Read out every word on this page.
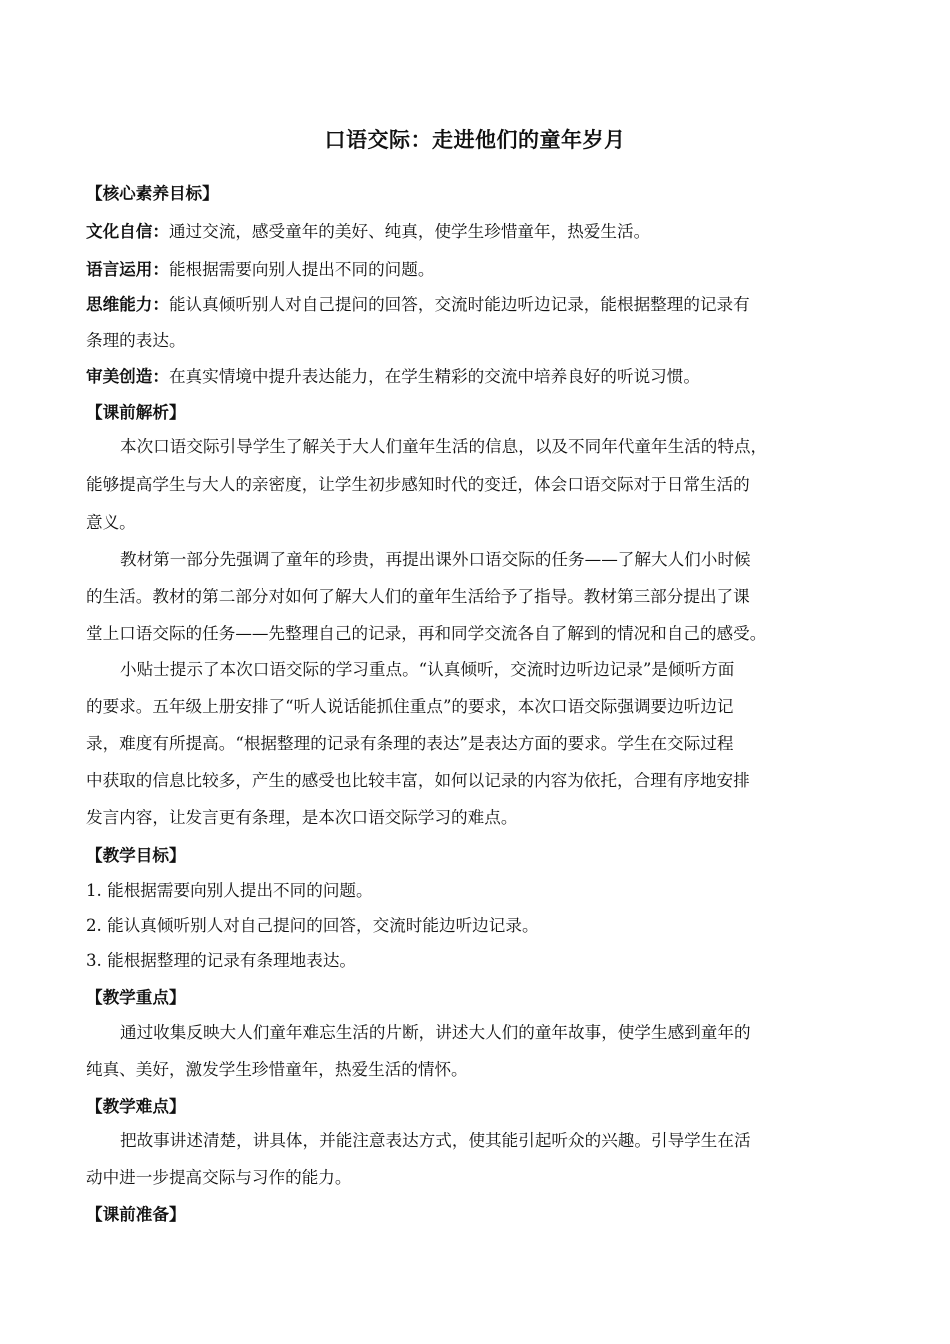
口语交际：走进他们的童年岁月
【核心素养目标】
文化自信：通过交流，感受童年的美好、纯真，使学生珍惜童年，热爱生活。
语言运用：能根据需要向别人提出不同的问题。
思维能力：能认真倾听别人对自己提问的回答，交流时能边听边记录，能根据整理的记录有
条理的表达。
审美创造：在真实情境中提升表达能力，在学生精彩的交流中培养良好的听说习惯。
【课前解析】
本次口语交际引导学生了解关于大人们童年生活的信息，以及不同年代童年生活的特点，
能够提高学生与大人的亲密度，让学生初步感知时代的变迁，体会口语交际对于日常生活的
意义。
教材第一部分先强调了童年的珍贵，再提出课外口语交际的任务——了解大人们小时候
的生活。教材的第二部分对如何了解大人们的童年生活给予了指导。教材第三部分提出了课
堂上口语交际的任务——先整理自己的记录，再和同学交流各自了解到的情况和自己的感受。
小贴士提示了本次口语交际的学习重点。“认真倾听，交流时边听边记录”是倾听方面
的要求。五年级上册安排了“听人说话能抓住重点”的要求，本次口语交际强调要边听边记
录，难度有所提高。“根据整理的记录有条理的表达”是表达方面的要求。学生在交际过程
中获取的信息比较多，产生的感受也比较丰富，如何以记录的内容为依托，合理有序地安排
发言内容，让发言更有条理，是本次口语交际学习的难点。
【教学目标】
1. 能根据需要向别人提出不同的问题。
2. 能认真倾听别人对自己提问的回答，交流时能边听边记录。
3. 能根据整理的记录有条理地表达。
【教学重点】
通过收集反映大人们童年难忘生活的片断，讲述大人们的童年故事，使学生感到童年的
纯真、美好，激发学生珍惜童年，热爱生活的情怀。
【教学难点】
把故事讲述清楚，讲具体，并能注意表达方式，使其能引起听众的兴趣。引导学生在活
动中进一步提高交际与习作的能力。
【课前准备】
